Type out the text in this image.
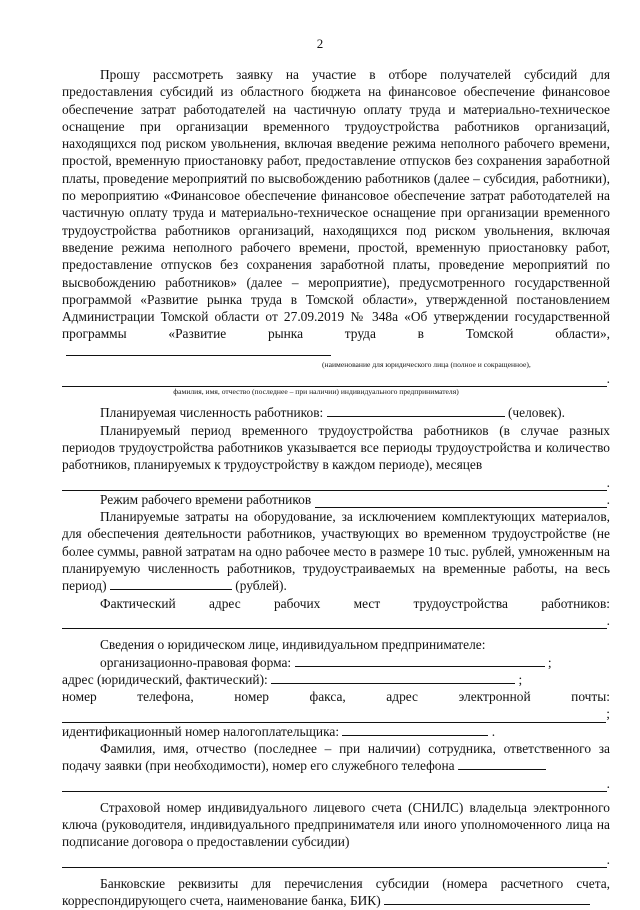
2

Прошу рассмотреть заявку на участие в отборе получателей субсидий для предоставления субсидий из областного бюджета на финансовое обеспечение финансовое обеспечение затрат работодателей на частичную оплату труда и материально-техническое оснащение при организации временного трудоустройства работников организаций, находящихся под риском увольнения, включая введение режима неполного рабочего времени, простой, временную приостановку работ, предоставление отпусков без сохранения заработной платы, проведение мероприятий по высвобождению работников (далее – субсидия, работники), по мероприятию «Финансовое обеспечение финансовое обеспечение затрат работодателей на частичную оплату труда и материально-техническое оснащение при организации временного трудоустройства работников организаций, находящихся под риском увольнения, включая введение режима неполного рабочего времени, простой, временную приостановку работ, предоставление отпусков без сохранения заработной платы, проведение мероприятий по высвобождению работников» (далее – мероприятие), предусмотренного государственной программой «Развитие рынка труда в Томской области», утвержденной постановлением Администрации Томской области от 27.09.2019 № 348а «Об утверждении государственной программы «Развитие рынка труда в Томской области»,

(наименование для юридического лица (полное и сокращенное),
.
фамилия, имя, отчество (последнее – при наличии) индивидуального предпринимателя)

Планируемая численность работников:	(человек).

Планируемый период временного трудоустройства работников (в случае разных периодов трудоустройства работников указывается все периоды трудоустройства и количество работников, планируемых к трудоустройству в каждом периоде), месяцев

.
Режим рабочего времени работников	.

Планируемые затраты на оборудование, за исключением комплектующих материалов, для обеспечения деятельности работников, участвующих во временном трудоустройстве (не более суммы, равной затратам на одно рабочее место в размере 10 тыс. рублей, умноженным на планируемую численность работников, трудоустраиваемых на временные работы, на весь период)	(рублей).

Фактический адрес рабочих мест трудоустройства работников:

.

Сведения о юридическом лице, индивидуальном предпринимателе:

организационно-правовая форма:	;

адрес (юридический, фактический):	;

номер телефона, номер факса, адрес электронной почты:

;

идентификационный номер налогоплательщика:	.

Фамилия, имя, отчество (последнее – при наличии) сотрудника, ответственного за подачу заявки (при необходимости), номер его служебного телефона

.

Страховой номер индивидуального лицевого счета (СНИЛС) владельца электронного ключа (руководителя, индивидуального предпринимателя или иного уполномоченного лица на подписание договора о предоставлении субсидии)

.

Банковские реквизиты для перечисления субсидии (номера расчетного счета, корреспондирующего счета, наименование банка, БИК)
